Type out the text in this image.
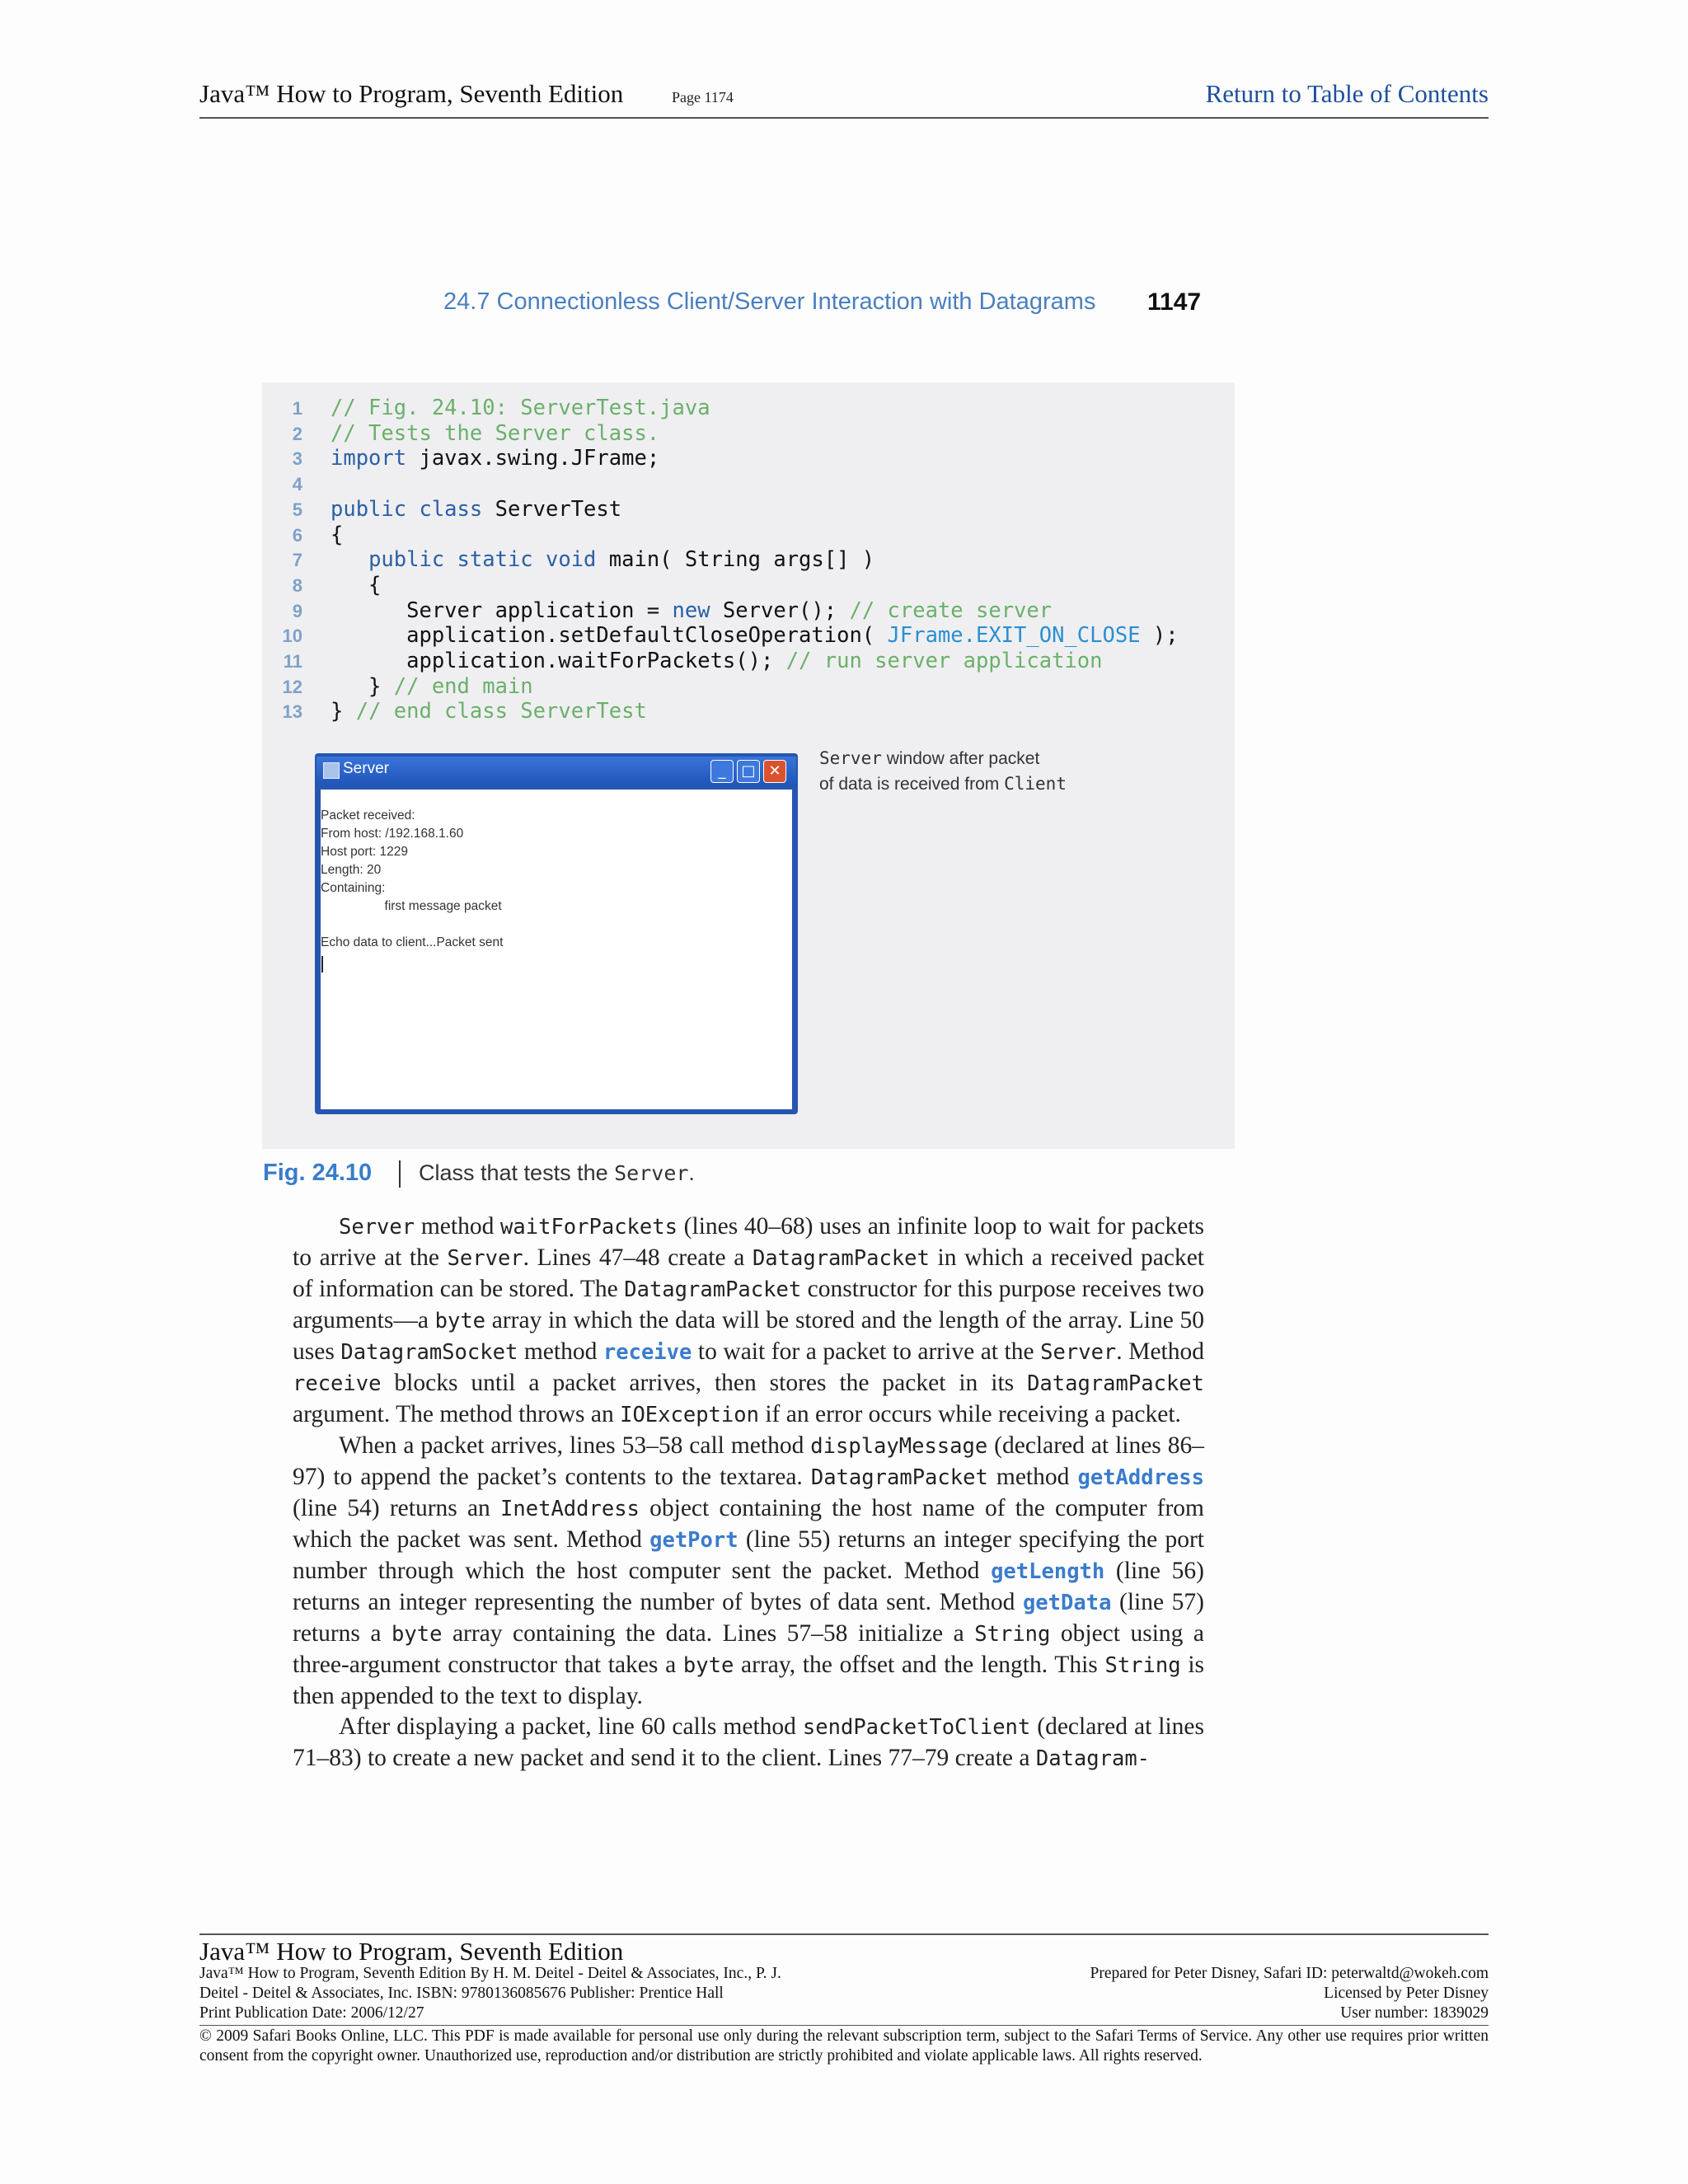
Java™ How to Program, Seventh Edition	Page 1174	Return to Table of Contents
24.7 Connectionless Client/Server Interaction with Datagrams 1147
1 // Fig. 24.10: ServerTest.java
2 // Tests the Server class.
3 import javax.swing.JFrame;
4
5 public class ServerTest
6 {
7	public static void main( String args[] )
8 {
9 Server application = new Server(); // create server
10 application.setDefaultCloseOperation( JFrame.EXIT_ON_CLOSE );
11 application.waitForPackets(); // run server application
12 } // end main
13 } // end class ServerTest
Server	_	□ ✕
Packet received:
From host: /192.168.1.60
Host port: 1229
Length: 20
Containing:
first message packet
Echo data to client...Packet sent
Server window after packet
of data is received from Client
Fig. 24.10 Class that tests the Server.

Server method waitForPackets (lines 40–68) uses an infinite loop to wait for packets to arrive at the Server. Lines 47–48 create a DatagramPacket in which a received packet of information can be stored. The DatagramPacket constructor for this purpose receives two arguments—a byte array in which the data will be stored and the length of the array. Line 50 uses DatagramSocket method receive to wait for a packet to arrive at the Server. Method receive blocks until a packet arrives, then stores the packet in its DatagramPacket argument. The method throws an IOException if an error occurs while receiving a packet.

When a packet arrives, lines 53–58 call method displayMessage (declared at lines 86–97) to append the packet’s contents to the textarea. DatagramPacket method getAddress (line 54) returns an InetAddress object containing the host name of the computer from which the packet was sent. Method getPort (line 55) returns an integer specifying the port number through which the host computer sent the packet. Method getLength (line 56) returns an integer representing the number of bytes of data sent. Method getData (line 57) returns a byte array containing the data. Lines 57–58 initialize a String object using a three-argument constructor that takes a byte array, the offset and the length. This String is then appended to the text to display.

After displaying a packet, line 60 calls method sendPacketToClient (declared at lines 71–83) to create a new packet and send it to the client. Lines 77–79 create a Datagram-

Java™ How to Program, Seventh Edition
Java™ How to Program, Seventh Edition By H. M. Deitel - Deitel & Associates, Inc., P. J.	Prepared for Peter Disney, Safari ID: peterwaltd@wokeh.com
Deitel - Deitel & Associates, Inc. ISBN: 9780136085676 Publisher: Prentice Hall	Licensed by Peter Disney
Print Publication Date: 2006/12/27	User number: 1839029
© 2009 Safari Books Online, LLC. This PDF is made available for personal use only during the relevant subscription term, subject to the Safari Terms of Service. Any other use requires prior written consent from the copyright owner. Unauthorized use, reproduction and/or distribution are strictly prohibited and violate applicable laws. All rights reserved.
